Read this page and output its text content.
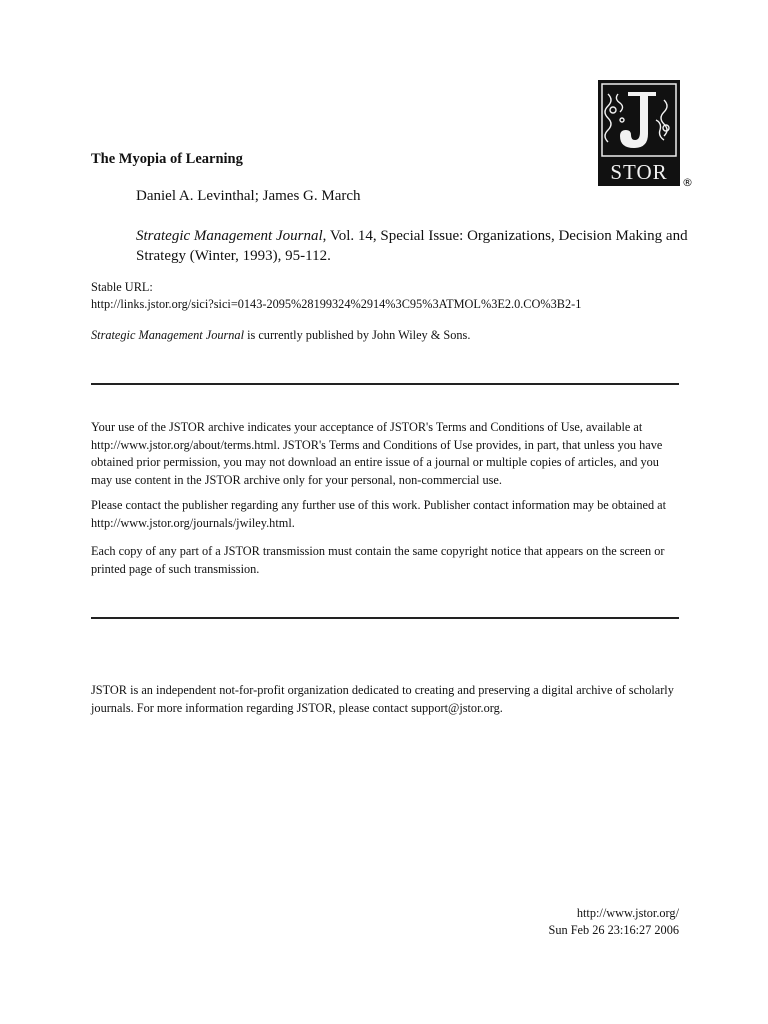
STOR ®
The Myopia of Learning
Daniel A. Levinthal; James G. March
Strategic Management Journal, Vol. 14, Special Issue: Organizations, Decision Making and Strategy (Winter, 1993), 95-112.
Stable URL:
http://links.jstor.org/sici?sici=0143-2095%28199324%2914%3C95%3ATMOL%3E2.0.CO%3B2-1
Strategic Management Journal is currently published by John Wiley & Sons.
Your use of the JSTOR archive indicates your acceptance of JSTOR's Terms and Conditions of Use, available at http://www.jstor.org/about/terms.html. JSTOR's Terms and Conditions of Use provides, in part, that unless you have obtained prior permission, you may not download an entire issue of a journal or multiple copies of articles, and you may use content in the JSTOR archive only for your personal, non-commercial use.
Please contact the publisher regarding any further use of this work. Publisher contact information may be obtained at http://www.jstor.org/journals/jwiley.html.
Each copy of any part of a JSTOR transmission must contain the same copyright notice that appears on the screen or printed page of such transmission.
JSTOR is an independent not-for-profit organization dedicated to creating and preserving a digital archive of scholarly journals. For more information regarding JSTOR, please contact support@jstor.org.
http://www.jstor.org/
Sun Feb 26 23:16:27 2006
